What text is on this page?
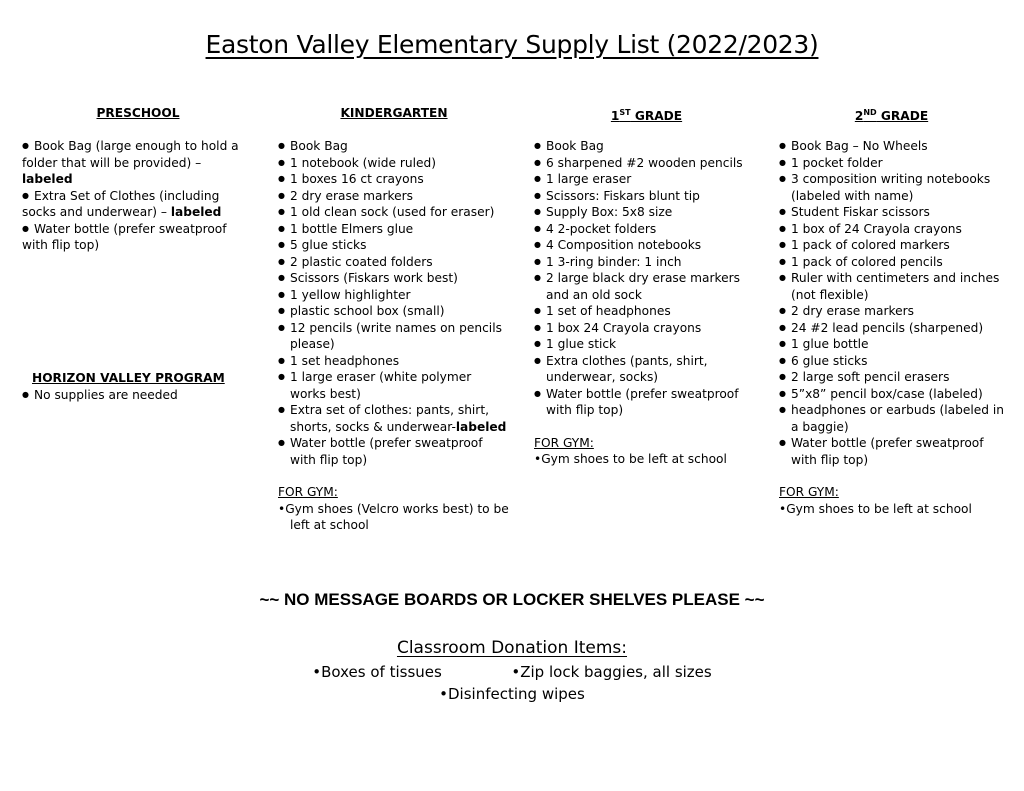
Easton Valley Elementary Supply List (2022/2023)
PRESCHOOL
● Book Bag (large enough to hold a folder that will be provided) – labeled
● Extra Set of Clothes (including socks and underwear) – labeled
● Water bottle (prefer sweatproof with flip top)
HORIZON VALLEY PROGRAM
● No supplies are needed
KINDERGARTEN
● Book Bag
● 1 notebook (wide ruled)
● 1 boxes 16 ct crayons
● 2 dry erase markers
● 1 old clean sock (used for eraser)
● 1 bottle Elmers glue
● 5 glue sticks
● 2 plastic coated folders
● Scissors (Fiskars work best)
● 1 yellow highlighter
● plastic school box (small)
● 12 pencils (write names on pencils please)
● 1 set headphones
● 1 large eraser (white polymer works best)
● Extra set of clothes: pants, shirt, shorts, socks & underwear-labeled
● Water bottle (prefer sweatproof with flip top)
FOR GYM:
•Gym shoes (Velcro works best) to be left at school
1ST GRADE
● Book Bag
● 6 sharpened #2 wooden pencils
● 1 large eraser
● Scissors: Fiskars blunt tip
● Supply Box: 5x8 size
● 4 2-pocket folders
● 4 Composition notebooks
● 1 3-ring binder: 1 inch
● 2 large black dry erase markers and an old sock
● 1 set of headphones
● 1 box 24 Crayola crayons
● 1 glue stick
● Extra clothes (pants, shirt, underwear, socks)
● Water bottle (prefer sweatproof with flip top)
FOR GYM:
•Gym shoes to be left at school
2ND GRADE
● Book Bag – No Wheels
● 1 pocket folder
● 3 composition writing notebooks (labeled with name)
● Student Fiskar scissors
● 1 box of 24 Crayola crayons
● 1 pack of colored markers
● 1 pack of colored pencils
● Ruler with centimeters and inches (not flexible)
● 2 dry erase markers
● 24 #2 lead pencils (sharpened)
● 1 glue bottle
● 6 glue sticks
● 2 large soft pencil erasers
● 5”x8” pencil box/case (labeled)
● headphones or earbuds (labeled in a baggie)
● Water bottle (prefer sweatproof with flip top)
FOR GYM:
•Gym shoes to be left at school
~~ NO MESSAGE BOARDS OR LOCKER SHELVES PLEASE ~~
Classroom Donation Items:
•Boxes of tissues	•Zip lock baggies, all sizes
•Disinfecting wipes
